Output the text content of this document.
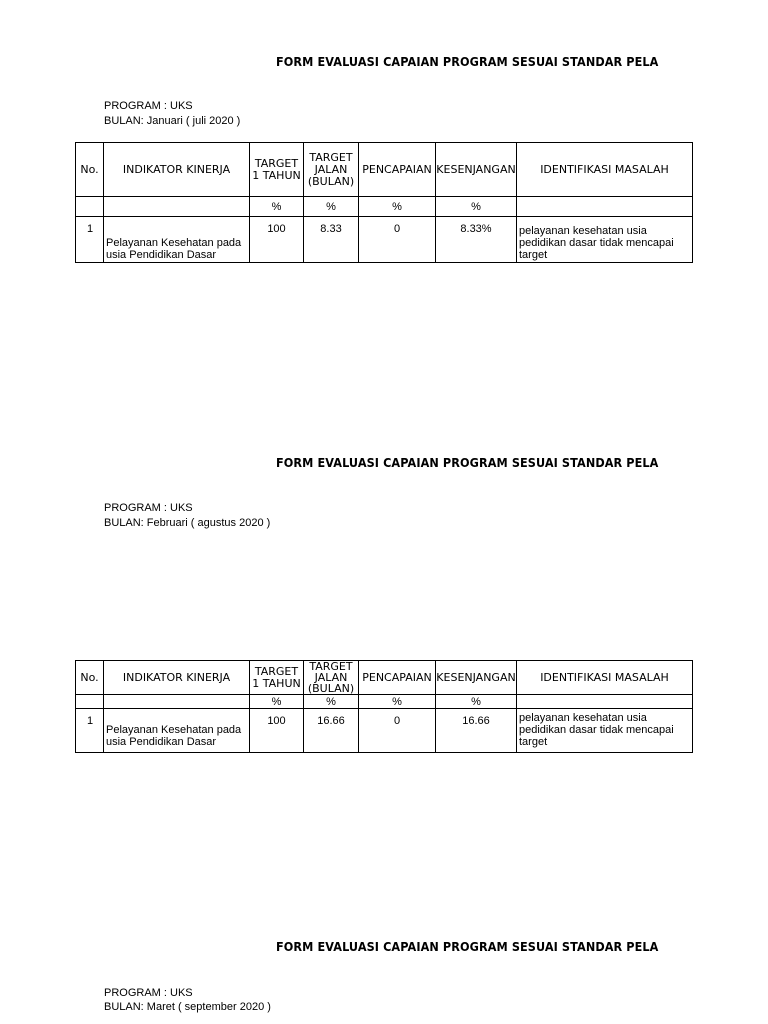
FORM EVALUASI CAPAIAN PROGRAM SESUAI STANDAR PELA
PROGRAM : UKS
BULAN: Januari ( juli 2020 )
No.	INDIKATOR KINERJA	TARGET 1 TAHUN	TARGET JALAN (BULAN)	PENCAPAIAN	KESENJANGAN	IDENTIFIKASI MASALAH
		%	%	%	%	
1	Pelayanan Kesehatan pada usia Pendidikan Dasar	100	8.33	0	8.33%	pelayanan kesehatan usia pedidikan dasar tidak mencapai target
FORM EVALUASI CAPAIAN PROGRAM SESUAI STANDAR PELA
PROGRAM : UKS
BULAN: Februari ( agustus 2020 )
No.	INDIKATOR KINERJA	TARGET 1 TAHUN	TARGET JALAN (BULAN)	PENCAPAIAN	KESENJANGAN	IDENTIFIKASI MASALAH
		%	%	%	%	
1	Pelayanan Kesehatan pada usia Pendidikan Dasar	100	16.66	0	16.66	pelayanan kesehatan usia pedidikan dasar tidak mencapai target
FORM EVALUASI CAPAIAN PROGRAM SESUAI STANDAR PELA
PROGRAM : UKS
BULAN: Maret ( september 2020 )
